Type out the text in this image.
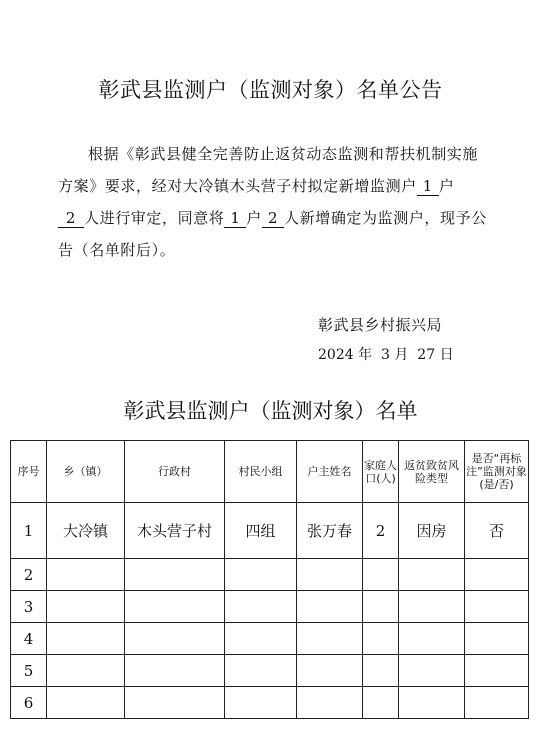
彰武县监测户（监测对象）名单公告
根据《彰武县健全完善防止返贫动态监测和帮扶机制实施方案》要求，经对大冷镇木头营子村拟定新增监测户 1 户
2 人进行审定，同意将 1 户 2 人新增确定为监测户，现予公告（名单附后）。
彰武县乡村振兴局
2024 年 3 月 27 日
彰武县监测户（监测对象）名单
序号	乡（镇）	行政村	村民小组	户主姓名	家庭人口(人)	返贫致贫风险类型	是否“再标注”监测对象(是/否)
1	大冷镇	木头营子村	四组	张万春	2	因房	否
2							
3							
4							
5							
6							
